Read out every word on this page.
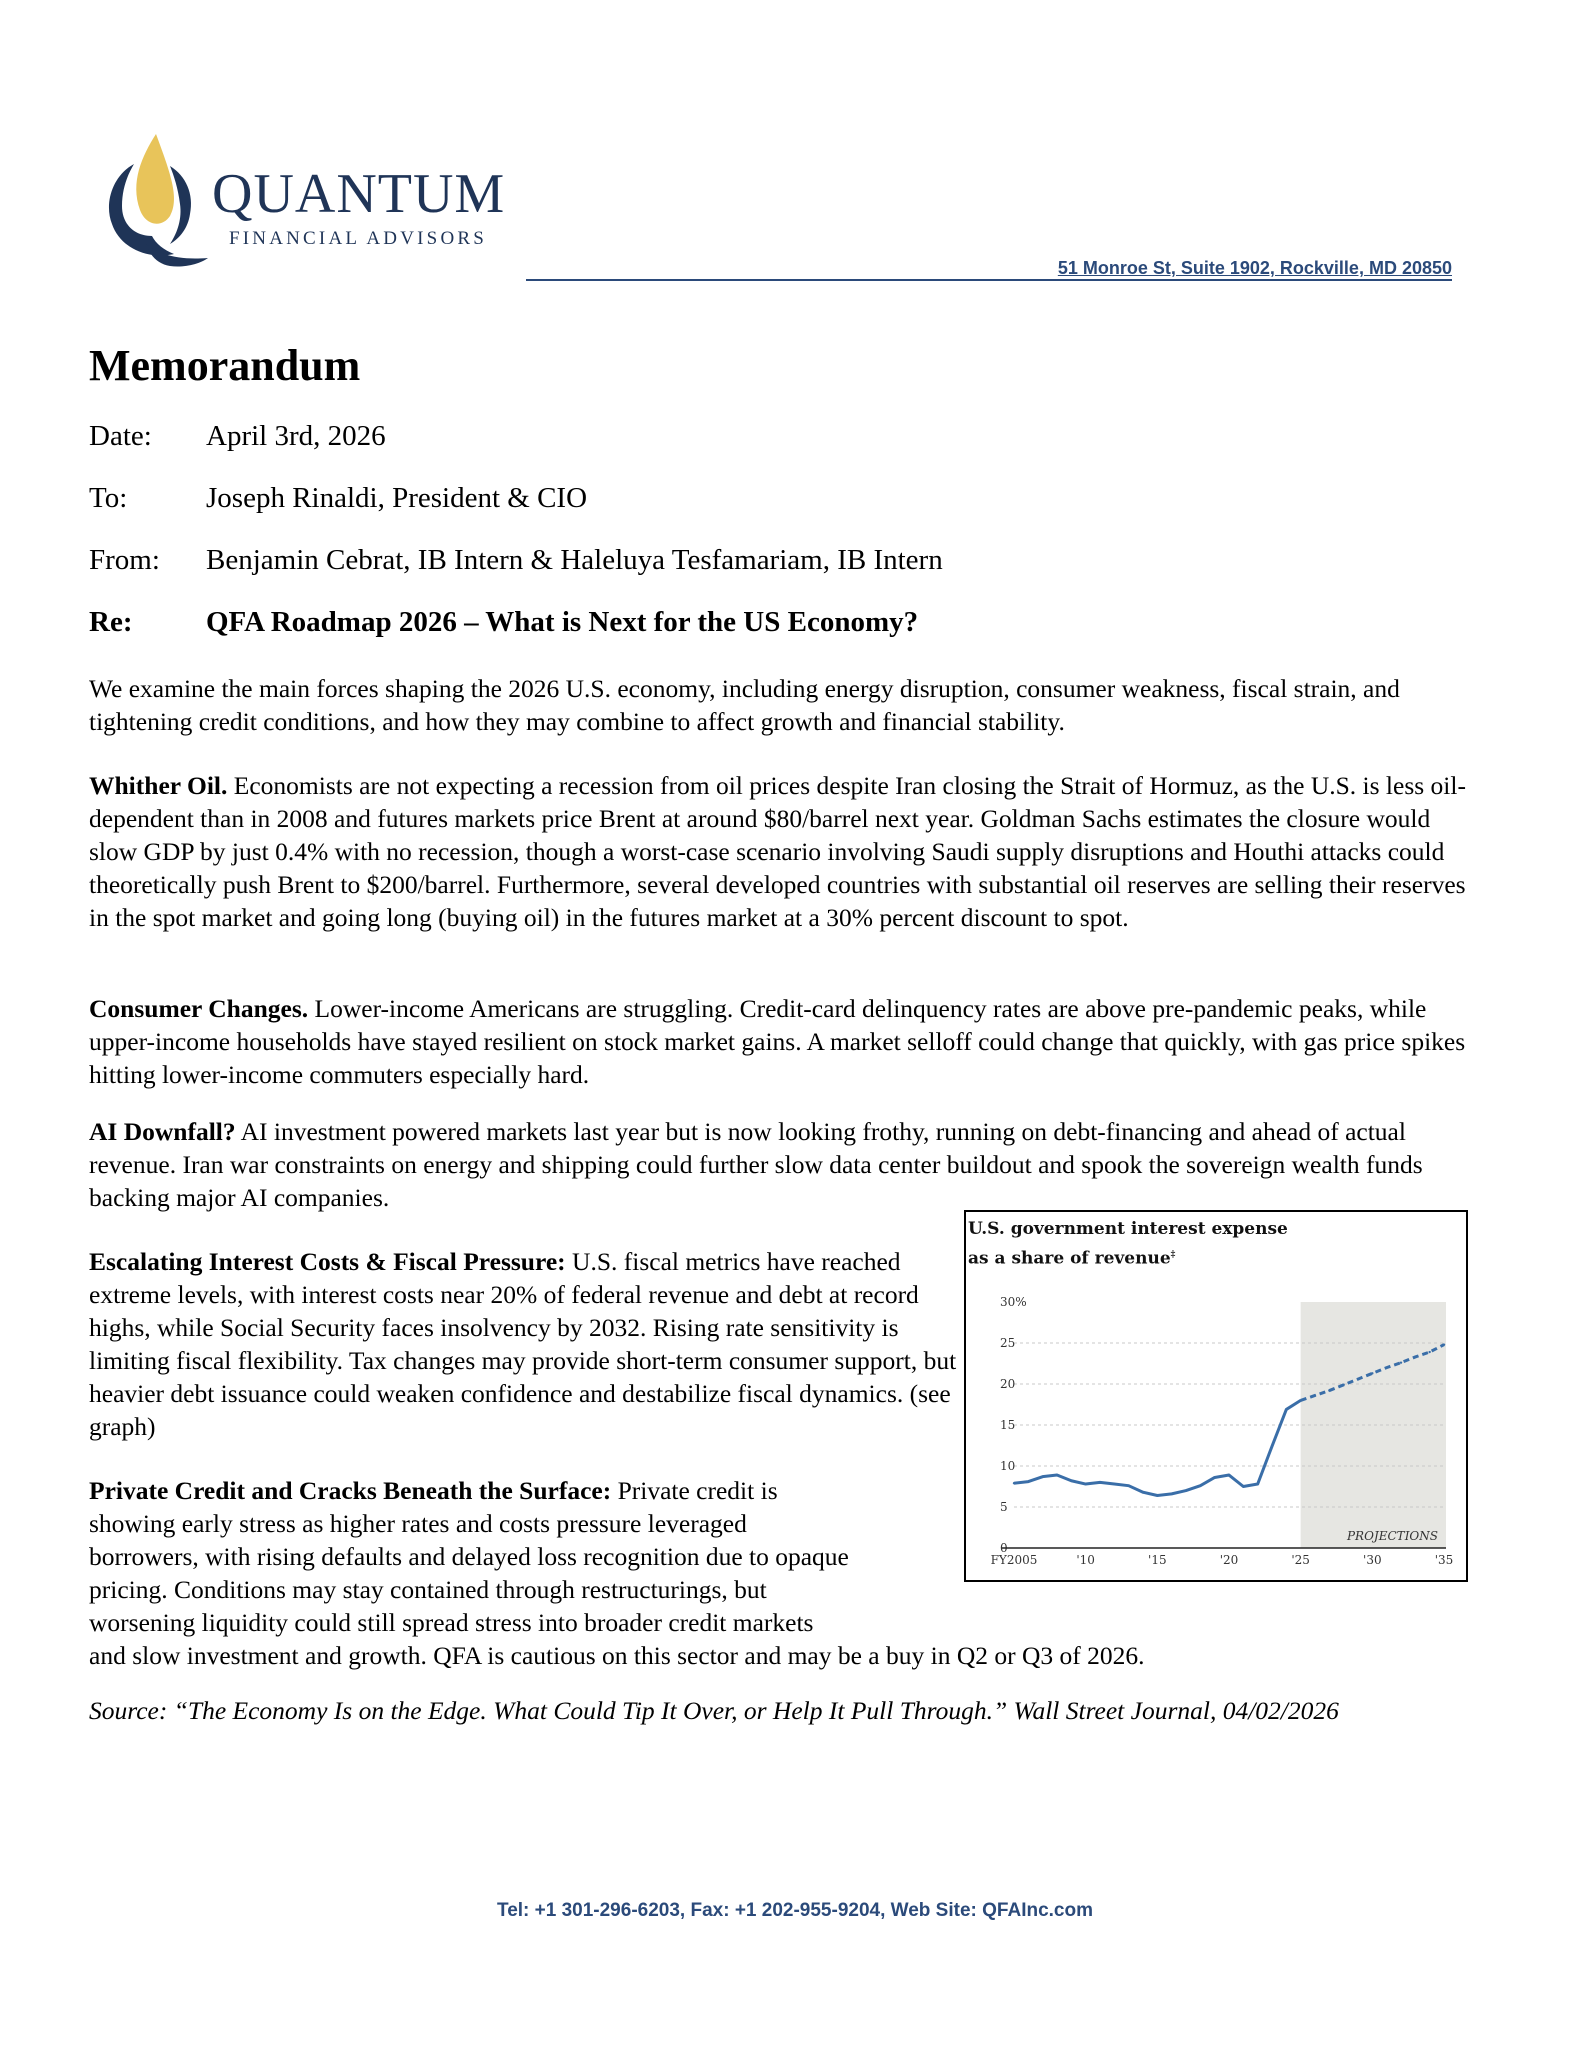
QUANTUM
FINANCIAL ADVISORS
51 Monroe St, Suite 1902, Rockville, MD 20850
Memorandum
Date: April 3rd, 2026
To:	Joseph Rinaldi, President & CIO
From: Benjamin Cebrat, IB Intern & Haleluya Tesfamariam, IB Intern
Re:	QFA Roadmap 2026 – What is Next for the US Economy?
We examine the main forces shaping the 2026 U.S. economy, including energy disruption, consumer weakness, fiscal strain, and tightening credit conditions, and how they may combine to affect growth and financial stability.
Whither Oil. Economists are not expecting a recession from oil prices despite Iran closing the Strait of Hormuz, as the U.S. is less oil-dependent than in 2008 and futures markets price Brent at around $80/barrel next year. Goldman Sachs estimates the closure would slow GDP by just 0.4% with no recession, though a worst-case scenario involving Saudi supply disruptions and Houthi attacks could theoretically push Brent to $200/barrel. Furthermore, several developed countries with substantial oil reserves are selling their reserves in the spot market and going long (buying oil) in the futures market at a 30% percent discount to spot.
Consumer Changes. Lower-income Americans are struggling. Credit-card delinquency rates are above pre-pandemic peaks, while upper-income households have stayed resilient on stock market gains. A market selloff could change that quickly, with gas price spikes hitting lower-income commuters especially hard.
AI Downfall? AI investment powered markets last year but is now looking frothy, running on debt-financing and ahead of actual revenue. Iran war constraints on energy and shipping could further slow data center buildout and spook the sovereign wealth funds backing major AI companies.
Escalating Interest Costs & Fiscal Pressure: U.S. fiscal metrics have reached extreme levels, with interest costs near 20% of federal revenue and debt at record highs, while Social Security faces insolvency by 2032. Rising rate sensitivity is limiting fiscal flexibility. Tax changes may provide short-term consumer support, but heavier debt issuance could weaken confidence and destabilize fiscal dynamics. (see graph)
Private Credit and Cracks Beneath the Surface: Private credit is
showing early stress as higher rates and costs pressure leveraged
borrowers, with rising defaults and delayed loss recognition due to opaque
pricing. Conditions may stay contained through restructurings, but
worsening liquidity could still spread stress into broader credit markets
and slow investment and growth. QFA is cautious on this sector and may be a buy in Q2 or Q3 of 2026.
Source: “The Economy Is on the Edge. What Could Tip It Over, or Help It Pull Through.” Wall Street Journal, 04/02/2026
U.S. government interest expense
as a share of revenue‡
0
5
10
15
20
25
30%
FY2005	'10	'15	'20	'25	'30	'35
PROJECTIONS
Tel: +1 301-296-6203, Fax: +1 202-955-9204, Web Site: QFAInc.com
